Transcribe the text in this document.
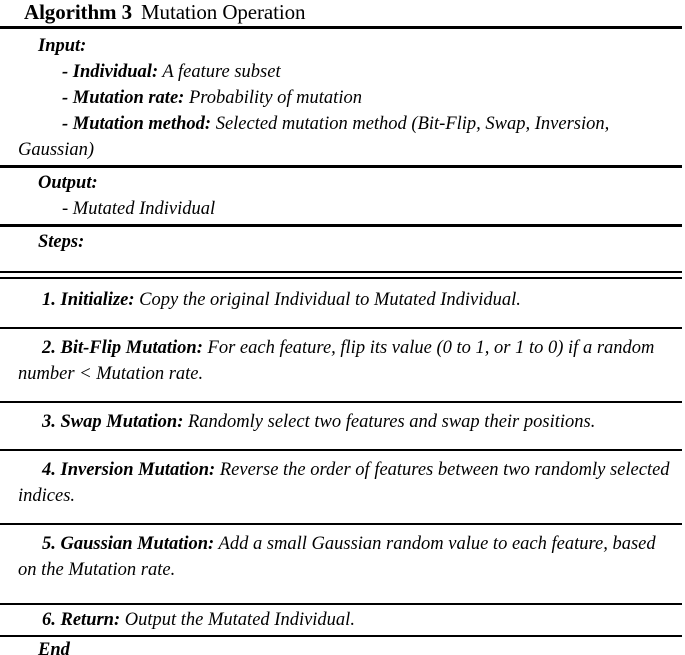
Algorithm 3 Mutation Operation
Input:
- Individual: A feature subset
- Mutation rate: Probability of mutation
- Mutation method: Selected mutation method (Bit-Flip, Swap, Inversion, Gaussian)
Output:
- Mutated Individual
Steps:
1. Initialize: Copy the original Individual to Mutated Individual.
2. Bit-Flip Mutation: For each feature, flip its value (0 to 1, or 1 to 0) if a random number < Mutation rate.
3. Swap Mutation: Randomly select two features and swap their positions.
4. Inversion Mutation: Reverse the order of features between two randomly selected indices.
5. Gaussian Mutation: Add a small Gaussian random value to each feature, based on the Mutation rate.
6. Return: Output the Mutated Individual.
End
